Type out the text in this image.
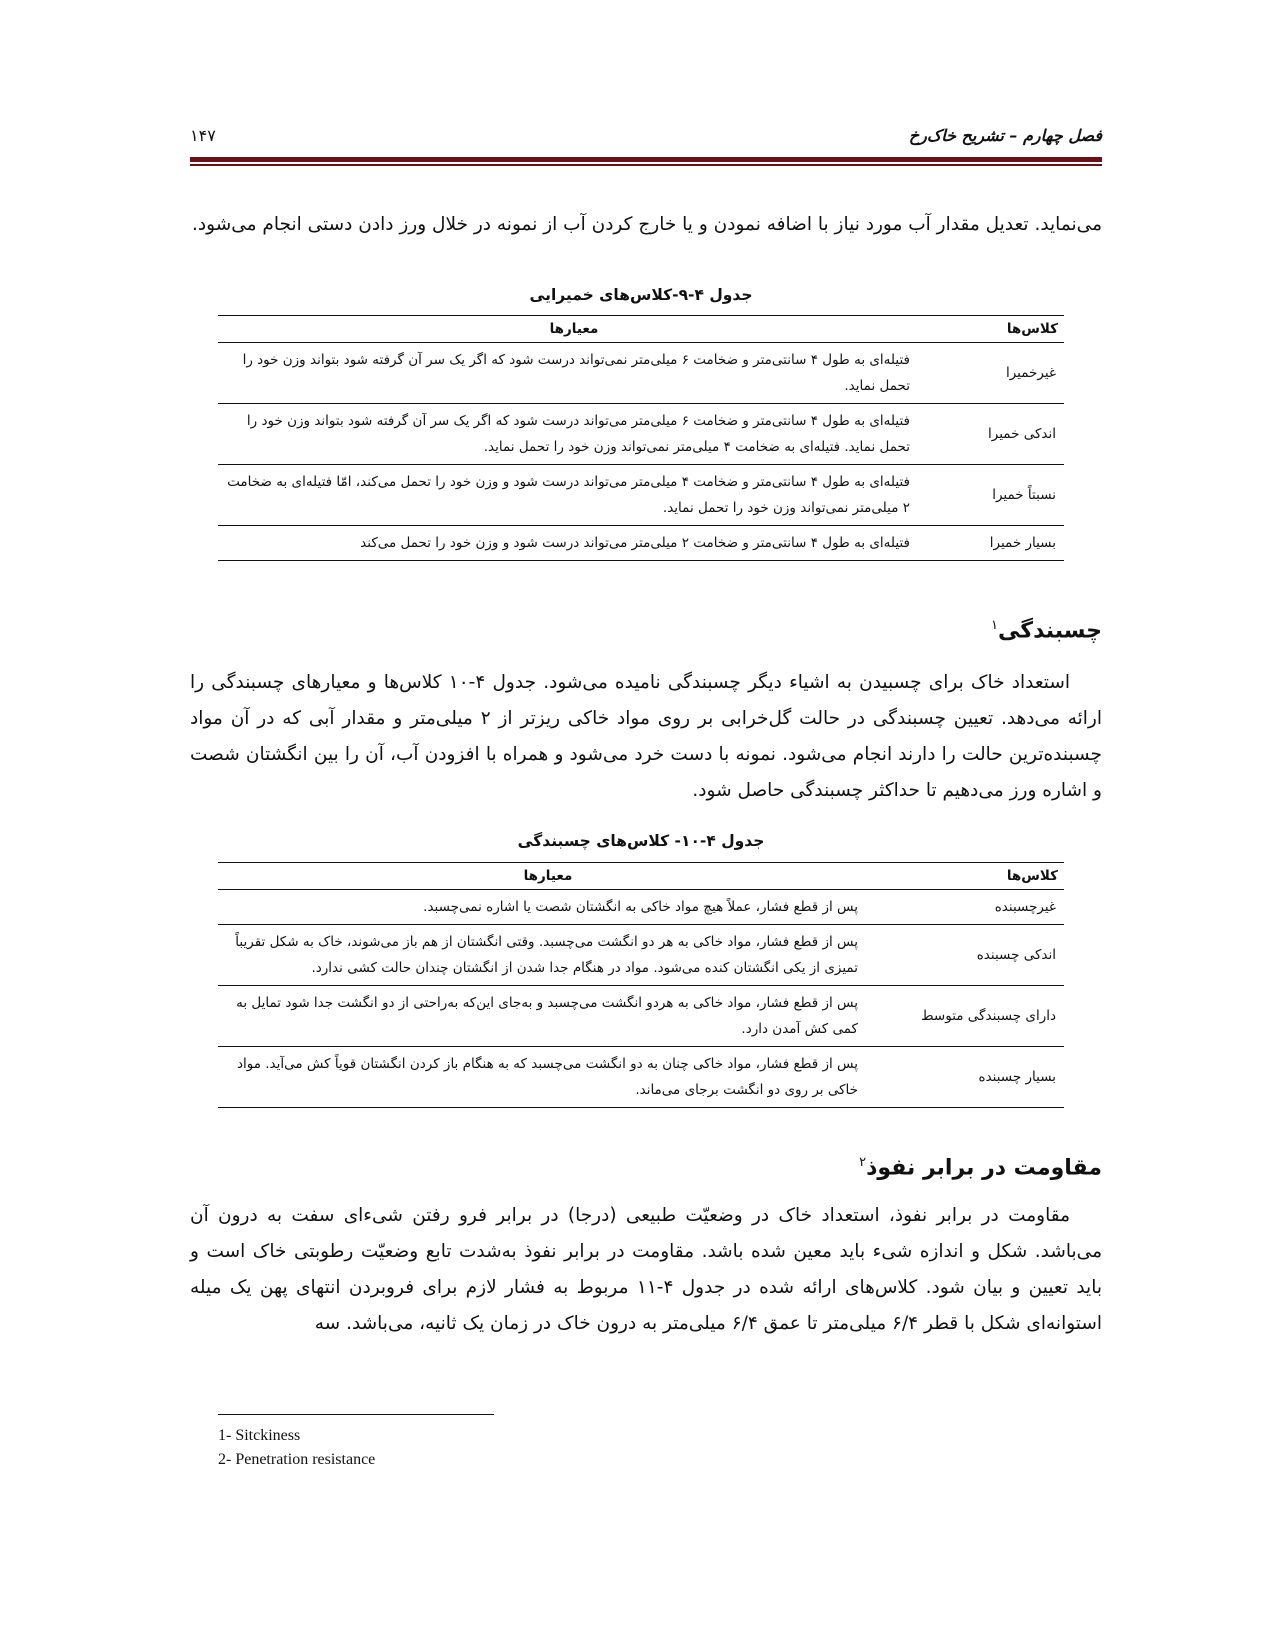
فصل چهارم – تشریح خاک‌رخ
۱۴۷
می‌نماید. تعدیل مقدار آب مورد نیاز با اضافه نمودن و یا خارج کردن آب از نمونه در خلال ورز دادن دستی انجام می‌شود.
جدول ۴-۹-کلاس‌های خمیرایی
کلاس‌ها	معیارها
غیرخمیرا	فتیله‌ای به طول ۴ سانتی‌متر و ضخامت ۶ میلی‌متر نمی‌تواند درست شود که اگر یک سر آن گرفته شود بتواند وزن خود را تحمل نماید.
اندکی خمیرا	فتیله‌ای به طول ۴ سانتی‌متر و ضخامت ۶ میلی‌متر می‌تواند درست شود که اگر یک سر آن گرفته شود بتواند وزن خود را تحمل نماید. فتیله‌ای به ضخامت ۴ میلی‌متر نمی‌تواند وزن خود را تحمل نماید.
نسبتاً خمیرا	فتیله‌ای به طول ۴ سانتی‌متر و ضخامت ۴ میلی‌متر می‌تواند درست شود و وزن خود را تحمل می‌کند، امّا فتیله‌ای به ضخامت ۲ میلی‌متر نمی‌تواند وزن خود را تحمل نماید.
بسیار خمیرا	فتیله‌ای به طول ۴ سانتی‌متر و ضخامت ۲ میلی‌متر می‌تواند درست شود و وزن خود را تحمل می‌کند
چسبندگی$^۱$
استعداد خاک برای چسبیدن به اشیاء دیگر چسبندگی نامیده می‌شود. جدول ۴-۱۰ کلاس‌ها و معیارهای چسبندگی را ارائه می‌دهد. تعیین چسبندگی در حالت گل‌خرابی بر روی مواد خاکی ریزتر از ۲ میلی‌متر و مقدار آبی که در آن مواد چسبنده‌ترین حالت را دارند انجام می‌شود. نمونه با دست خرد می‌شود و همراه با افزودن آب، آن را بین انگشتان شصت و اشاره ورز می‌دهیم تا حداکثر چسبندگی حاصل شود.
جدول ۴-۱۰- کلاس‌های چسبندگی
کلاس‌ها	معیارها
غیرچسبنده	پس از قطع فشار، عملاً هیچ مواد خاکی به انگشتان شصت یا اشاره نمی‌چسبد.
اندکی چسبنده	پس از قطع فشار، مواد خاکی به هر دو انگشت می‌چسبد. وقتی انگشتان از هم باز می‌شوند، خاک به شکل تقریباً تمیزی از یکی انگشتان کنده می‌شود. مواد در هنگام جدا شدن از انگشتان چندان حالت کشی ندارد.
دارای چسبندگی متوسط	پس از قطع فشار، مواد خاکی به هردو انگشت می‌چسبد و به‌جای این‌که به‌راحتی از دو انگشت جدا شود تمایل به کمی کش آمدن دارد.
بسیار چسبنده	پس از قطع فشار، مواد خاکی چنان به دو انگشت می‌چسبد که به هنگام باز کردن انگشتان قویاً کش می‌آید. مواد خاکی بر روی دو انگشت برجای می‌ماند.
مقاومت در برابر نفوذ$^۲$
مقاومت در برابر نفوذ، استعداد خاک در وضعیّت طبیعی (درجا) در برابر فرو رفتن شیء‌ای سفت به درون آن می‌باشد. شکل و اندازه شیء باید معین شده باشد. مقاومت در برابر نفوذ به‌شدت تابع وضعیّت رطوبتی خاک است و باید تعیین و بیان شود. کلاس‌های ارائه شده در جدول ۴-۱۱ مربوط به فشار لازم برای فروبردن انتهای پهن یک میله استوانه‌ای شکل با قطر ۶/۴ میلی‌متر تا عمق ۶/۴ میلی‌متر به درون خاک در زمان یک ثانیه، می‌باشد. سه
1- Sitckiness
2- Penetration resistance
